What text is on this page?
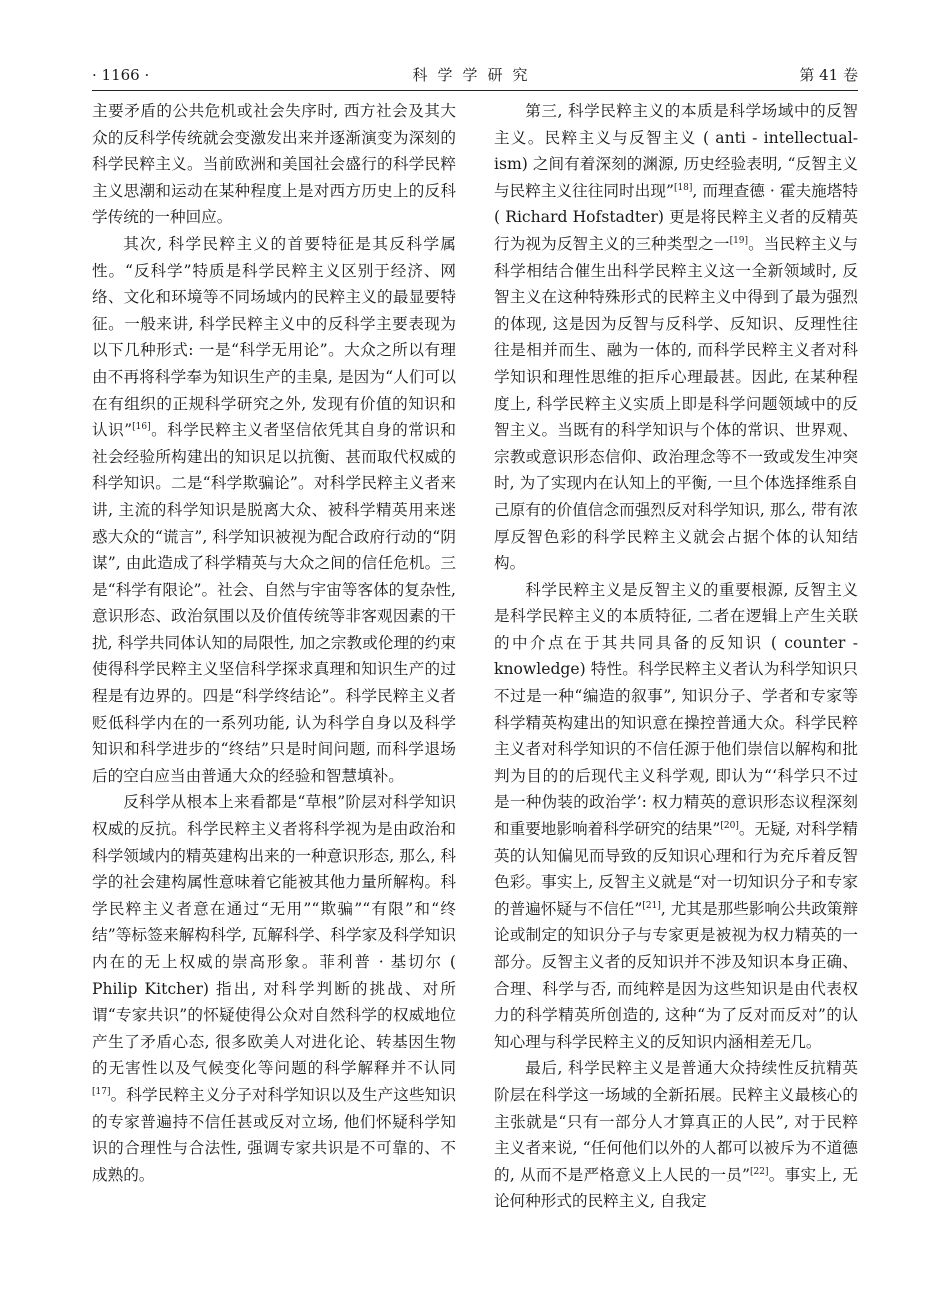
· 1166 ·	科学学研究	第 41 卷

主要矛盾的公共危机或社会失序时, 西方社会及其大众的反科学传统就会变激发出来并逐渐演变为深刻的科学民粹主义。当前欧洲和美国社会盛行的科学民粹主义思潮和运动在某种程度上是对西方历史上的反科学传统的一种回应。

其次, 科学民粹主义的首要特征是其反科学属性。“反科学”特质是科学民粹主义区别于经济、网络、文化和环境等不同场域内的民粹主义的最显要特征。一般来讲, 科学民粹主义中的反科学主要表现为以下几种形式: 一是“科学无用论”。大众之所以有理由不再将科学奉为知识生产的圭臬, 是因为“人们可以在有组织的正规科学研究之外, 发现有价值的知识和认识”[16]。科学民粹主义者坚信依凭其自身的常识和社会经验所构建出的知识足以抗衡、甚而取代权威的科学知识。二是“科学欺骗论”。对科学民粹主义者来讲, 主流的科学知识是脱离大众、被科学精英用来迷惑大众的“谎言”, 科学知识被视为配合政府行动的“阴谋”, 由此造成了科学精英与大众之间的信任危机。三是“科学有限论”。社会、自然与宇宙等客体的复杂性, 意识形态、政治氛围以及价值传统等非客观因素的干扰, 科学共同体认知的局限性, 加之宗教或伦理的约束使得科学民粹主义坚信科学探求真理和知识生产的过程是有边界的。四是“科学终结论”。科学民粹主义者贬低科学内在的一系列功能, 认为科学自身以及科学知识和科学进步的“终结”只是时间问题, 而科学退场后的空白应当由普通大众的经验和智慧填补。

反科学从根本上来看都是“草根”阶层对科学知识权威的反抗。科学民粹主义者将科学视为是由政治和科学领域内的精英建构出来的一种意识形态, 那么, 科学的社会建构属性意味着它能被其他力量所解构。科学民粹主义者意在通过“无用”“欺骗”“有限”和“终结”等标签来解构科学, 瓦解科学、科学家及科学知识内在的无上权威的崇高形象。菲利普 · 基切尔 ( Philip Kitcher) 指出, 对科学判断的挑战、对所谓“专家共识”的怀疑使得公众对自然科学的权威地位产生了矛盾心态, 很多欧美人对进化论、转基因生物的无害性以及气候变化等问题的科学解释并不认同[17]。科学民粹主义分子对科学知识以及生产这些知识的专家普遍持不信任甚或反对立场, 他们怀疑科学知识的合理性与合法性, 强调专家共识是不可靠的、不成熟的。

第三, 科学民粹主义的本质是科学场域中的反智主义。民粹主义与反智主义 ( anti - intellectual-ism) 之间有着深刻的渊源, 历史经验表明, “反智主义与民粹主义往往同时出现”[18], 而理查德 · 霍夫施塔特 ( Richard Hofstadter) 更是将民粹主义者的反精英行为视为反智主义的三种类型之一[19]。当民粹主义与科学相结合催生出科学民粹主义这一全新领域时, 反智主义在这种特殊形式的民粹主义中得到了最为强烈的体现, 这是因为反智与反科学、反知识、反理性往往是相并而生、融为一体的, 而科学民粹主义者对科学知识和理性思维的拒斥心理最甚。因此, 在某种程度上, 科学民粹主义实质上即是科学问题领域中的反智主义。当既有的科学知识与个体的常识、世界观、宗教或意识形态信仰、政治理念等不一致或发生冲突时, 为了实现内在认知上的平衡, 一旦个体选择维系自己原有的价值信念而强烈反对科学知识, 那么, 带有浓厚反智色彩的科学民粹主义就会占据个体的认知结构。

科学民粹主义是反智主义的重要根源, 反智主义是科学民粹主义的本质特征, 二者在逻辑上产生关联的中介点在于其共同具备的反知识 ( counter - knowledge) 特性。科学民粹主义者认为科学知识只不过是一种“编造的叙事”, 知识分子、学者和专家等科学精英构建出的知识意在操控普通大众。科学民粹主义者对科学知识的不信任源于他们崇信以解构和批判为目的的后现代主义科学观, 即认为“‘科学只不过是一种伪装的政治学’: 权力精英的意识形态议程深刻和重要地影响着科学研究的结果”[20]。无疑, 对科学精英的认知偏见而导致的反知识心理和行为充斥着反智色彩。事实上, 反智主义就是“对一切知识分子和专家的普遍怀疑与不信任”[21], 尤其是那些影响公共政策辩论或制定的知识分子与专家更是被视为权力精英的一部分。反智主义者的反知识并不涉及知识本身正确、合理、科学与否, 而纯粹是因为这些知识是由代表权力的科学精英所创造的, 这种“为了反对而反对”的认知心理与科学民粹主义的反知识内涵相差无几。

最后, 科学民粹主义是普通大众持续性反抗精英阶层在科学这一场域的全新拓展。民粹主义最核心的主张就是“只有一部分人才算真正的人民”, 对于民粹主义者来说, “任何他们以外的人都可以被斥为不道德的, 从而不是严格意义上人民的一员”[22]。事实上, 无论何种形式的民粹主义, 自我定
